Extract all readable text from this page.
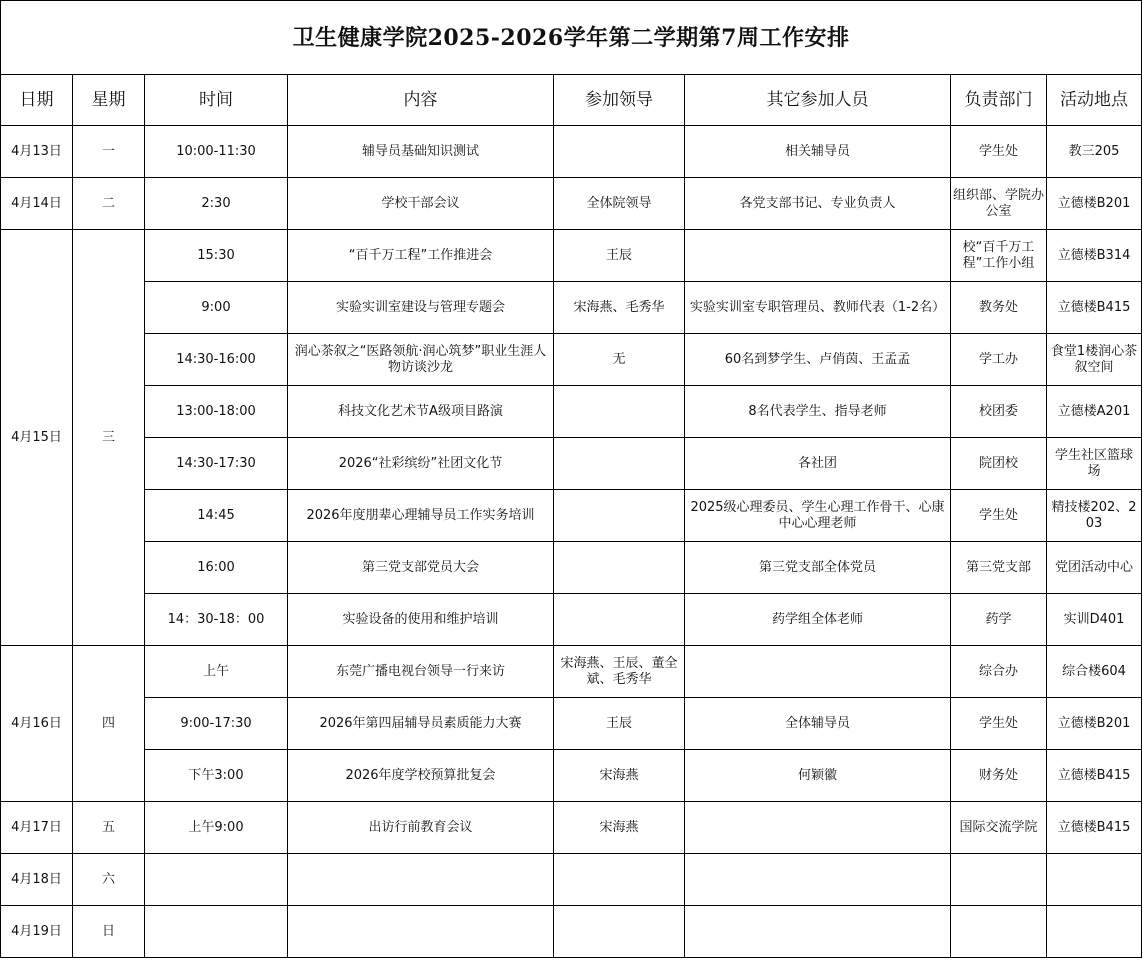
卫生健康学院2025-2026学年第二学期第7周工作安排							
日期	星期	时间	内容	参加领导	其它参加人员	负责部门	活动地点
4月13日	一	10:00-11:30	辅导员基础知识测试		相关辅导员	学生处	教三205
4月14日	二	2:30	学校干部会议	全体院领导	各党支部书记、专业负责人	组织部、学院办公室	立德楼B201
4月15日	三	15:30	“百千万工程”工作推进会	王辰		校“百千万工程”工作小组	立德楼B314
		9:00	实验实训室建设与管理专题会	宋海燕、毛秀华	实验实训室专职管理员、教师代表（1-2名）	教务处	立德楼B415
		14:30-16:00	润心茶叙之“医路领航·润心筑梦”职业生涯人物访谈沙龙	无	60名到梦学生、卢俏茵、王孟孟	学工办	食堂1楼润心茶叙空间
		13:00-18:00	科技文化艺术节A级项目路演		8名代表学生、指导老师	校团委	立德楼A201
		14:30-17:30	2026“社彩缤纷”社团文化节		各社团	院团校	学生社区篮球场
		14:45	2026年度朋辈心理辅导员工作实务培训		2025级心理委员、学生心理工作骨干、心康中心心理老师	学生处	精技楼202、203
		16:00	第三党支部党员大会		第三党支部全体党员	第三党支部	党团活动中心
		14：30-18：00	实验设备的使用和维护培训		药学组全体老师	药学	实训D401
4月16日	四	上午	东莞广播电视台领导一行来访	宋海燕、王辰、董全斌、毛秀华		综合办	综合楼604
		9:00-17:30	2026年第四届辅导员素质能力大赛	王辰	全体辅导员	学生处	立德楼B201
		下午3:00	2026年度学校预算批复会	宋海燕	何颖徽	财务处	立德楼B415
4月17日	五	上午9:00	出访行前教育会议	宋海燕		国际交流学院	立德楼B415
4月18日	六						
4月19日	日						
